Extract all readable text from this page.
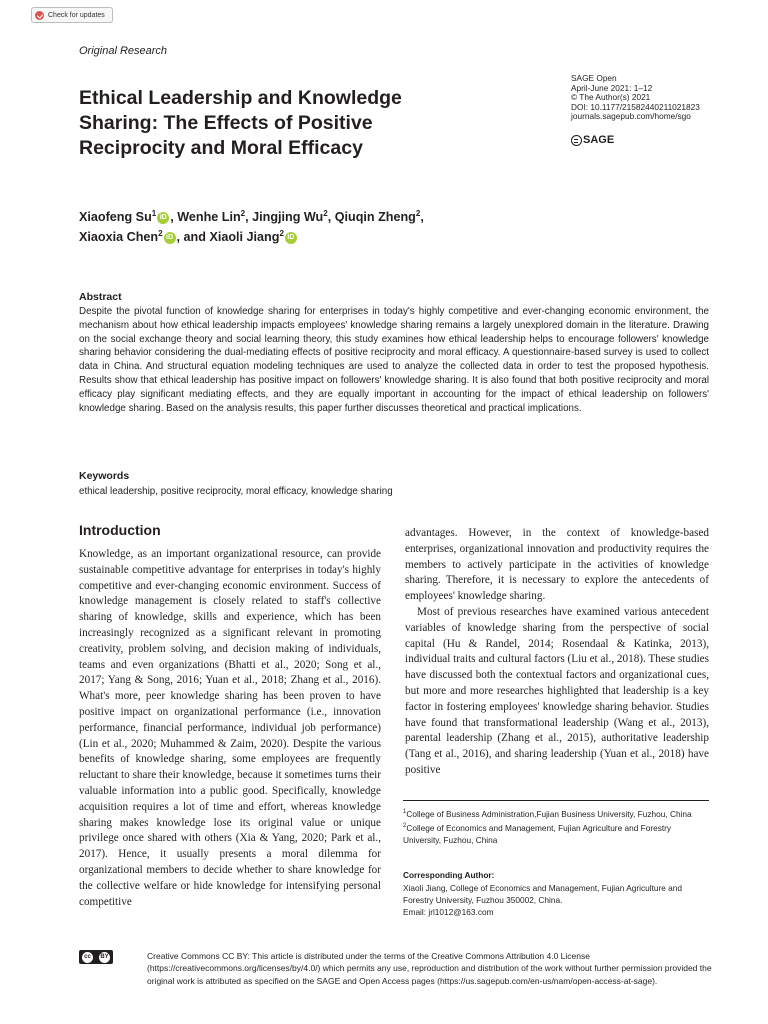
Check for updates
Original Research
Ethical Leadership and Knowledge Sharing: The Effects of Positive Reciprocity and Moral Efficacy
SAGE Open
April-June 2021: 1–12
© The Author(s) 2021
DOI: 10.1177/21582440211021823
journals.sagepub.com/home/sgo
SAGE
Xiaofeng Su$^1$ iD , Wenhe Lin$^2$, Jingjing Wu$^2$, Qiuqin Zheng$^2$,
Xiaoxia Chen$^2$ iD , and Xiaoli Jiang$^2$ iD
Abstract
Despite the pivotal function of knowledge sharing for enterprises in today's highly competitive and ever-changing economic environment, the mechanism about how ethical leadership impacts employees' knowledge sharing remains a largely unexplored domain in the literature. Drawing on the social exchange theory and social learning theory, this study examines how ethical leadership helps to encourage followers' knowledge sharing behavior considering the dual-mediating effects of positive reciprocity and moral efficacy. A questionnaire-based survey is used to collect data in China. And structural equation modeling techniques are used to analyze the collected data in order to test the proposed hypothesis. Results show that ethical leadership has positive impact on followers' knowledge sharing. It is also found that both positive reciprocity and moral efficacy play significant mediating effects, and they are equally important in accounting for the impact of ethical leadership on followers' knowledge sharing. Based on the analysis results, this paper further discusses theoretical and practical implications.
Keywords
ethical leadership, positive reciprocity, moral efficacy, knowledge sharing
Introduction

Knowledge, as an important organizational resource, can provide sustainable competitive advantage for enterprises in today's highly competitive and ever-changing economic environment. Success of knowledge management is closely related to staff's collective sharing of knowledge, skills and experience, which has been increasingly recognized as a significant relevant in promoting creativity, problem solving, and decision making of individuals, teams and even organizations (Bhatti et al., 2020; Song et al., 2017; Yang & Song, 2016; Yuan et al., 2018; Zhang et al., 2016). What's more, peer knowledge sharing has been proven to have positive impact on organizational performance (i.e., innovation performance, financial performance, individual job performance) (Lin et al., 2020; Muhammed & Zaim, 2020). Despite the various benefits of knowledge sharing, some employees are frequently reluctant to share their knowledge, because it sometimes turns their valuable information into a public good. Specifically, knowledge acquisition requires a lot of time and effort, whereas knowledge sharing makes knowledge lose its original value or unique privilege once shared with others (Xia & Yang, 2020; Park et al., 2017). Hence, it usually presents a moral dilemma for organizational members to decide whether to share knowledge for the collective welfare or hide knowledge for intensifying personal competitive

advantages. However, in the context of knowledge-based enterprises, organizational innovation and productivity requires the members to actively participate in the activities of knowledge sharing. Therefore, it is necessary to explore the antecedents of employees' knowledge sharing.

Most of previous researches have examined various antecedent variables of knowledge sharing from the perspective of social capital (Hu & Randel, 2014; Rosendaal & Katinka, 2013), individual traits and cultural factors (Liu et al., 2018). These studies have discussed both the contextual factors and organizational cues, but more and more researches highlighted that leadership is a key factor in fostering employees' knowledge sharing behavior. Studies have found that transformational leadership (Wang et al., 2013), parental leadership (Zhang et al., 2015), authoritative leadership (Tang et al., 2016), and sharing leadership (Yuan et al., 2018) have positive

$^1$College of Business Administration,Fujian Business University, Fuzhou, China
$^2$College of Economics and Management, Fujian Agriculture and Forestry University, Fuzhou, China
Corresponding Author:
Xiaoli Jiang, College of Economics and Management, Fujian Agriculture and Forestry University, Fuzhou 350002, China.
Email: jrl1012@163.com
cc	BY	Creative Commons CC BY: This article is distributed under the terms of the Creative Commons Attribution 4.0 License (https://creativecommons.org/licenses/by/4.0/) which permits any use, reproduction and distribution of the work without further permission provided the original work is attributed as specified on the SAGE and Open Access pages (https://us.sagepub.com/en-us/nam/open-access-at-sage).
